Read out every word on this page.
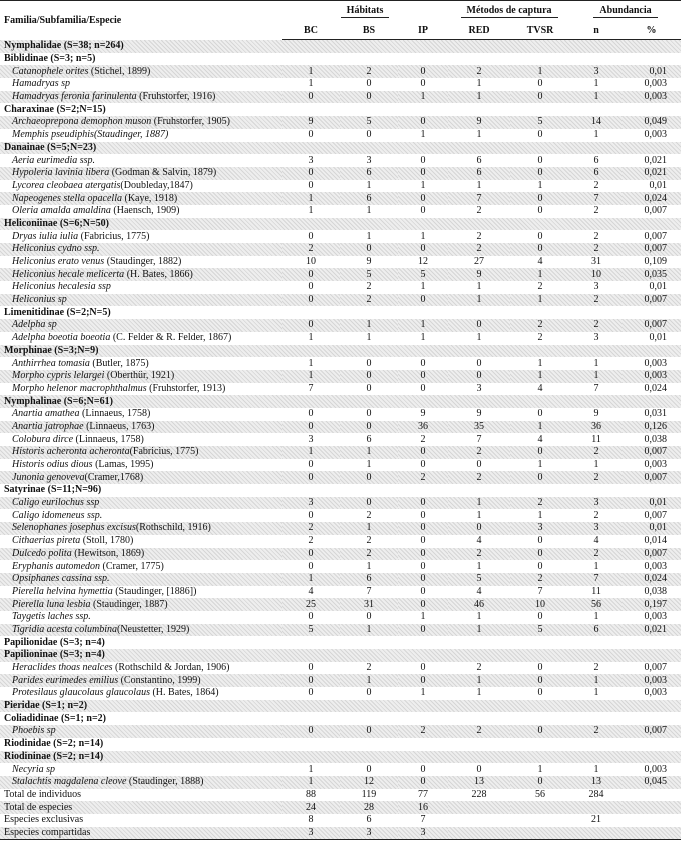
Familia/Subfamilia/Especie	Hábitats			Métodos de captura		Abundancia	
	BC	BS	IP	RED	TVSR	n	%
Nymphalidae (S=38; n=264)							
Biblidinae (S=3; n=5)							
Catanophele orites (Stichel, 1899)	1	2	0	2	1	3	0,01
Hamadryas sp	1	0	0	1	0	1	0,003
Hamadryas feronia farinulenta (Fruhstorfer, 1916)	0	0	1	1	0	1	0,003
Charaxinae (S=2;N=15)							
Archaeoprepona demophon muson (Fruhstorfer, 1905)	9	5	0	9	5	14	0,049
Memphis pseudiphis(Staudinger, 1887)	0	0	1	1	0	1	0,003
Danainae (S=5;N=23)							
Aeria eurimedia ssp.	3	3	0	6	0	6	0,021
Hypoleria lavinia libera (Godman & Salvin, 1879)	0	6	0	6	0	6	0,021
Lycorea cleobaea atergatis(Doubleday,1847)	0	1	1	1	1	2	0,01
Napeogenes stella opacella (Kaye, 1918)	1	6	0	7	0	7	0,024
Oleria amalda amaldina (Haensch, 1909)	1	1	0	2	0	2	0,007
Heliconiinae (S=6;N=50)							
Dryas iulia iulia (Fabricius, 1775)	0	1	1	2	0	2	0,007
Heliconius cydno ssp.	2	0	0	2	0	2	0,007
Heliconius erato venus (Staudinger, 1882)	10	9	12	27	4	31	0,109
Heliconius hecale melicerta (H. Bates, 1866)	0	5	5	9	1	10	0,035
Heliconius hecalesia ssp	0	2	1	1	2	3	0,01
Heliconius sp	0	2	0	1	1	2	0,007
Limenitidinae (S=2;N=5)							
Adelpha sp	0	1	1	0	2	2	0,007
Adelpha boeotia boeotia (C. Felder & R. Felder, 1867)	1	1	1	1	2	3	0,01
Morphinae (S=3;N=9)							
Anthirrhea tomasia (Butler, 1875)	1	0	0	0	1	1	0,003
Morpho cypris lelargei (Oberthür, 1921)	1	0	0	0	1	1	0,003
Morpho helenor macrophthalmus (Fruhstorfer, 1913)	7	0	0	3	4	7	0,024
Nymphalinae (S=6;N=61)							
Anartia amathea (Linnaeus, 1758)	0	0	9	9	0	9	0,031
Anartia jatrophae (Linnaeus, 1763)	0	0	36	35	1	36	0,126
Colobura dirce (Linnaeus, 1758)	3	6	2	7	4	11	0,038
Historis acheronta acheronta(Fabricius, 1775)	1	1	0	2	0	2	0,007
Historis odius dious (Lamas, 1995)	0	1	0	0	1	1	0,003
Junonia genoveva(Cramer,1768)	0	0	2	2	0	2	0,007
Satyrinae (S=11;N=96)							
Caligo eurilochus ssp	3	0	0	1	2	3	0,01
Caligo idomeneus ssp.	0	2	0	1	1	2	0,007
Selenophanes josephus excisus(Rothschild, 1916)	2	1	0	0	3	3	0,01
Cithaerias pireta (Stoll, 1780)	2	2	0	4	0	4	0,014
Dulcedo polita (Hewitson, 1869)	0	2	0	2	0	2	0,007
Eryphanis automedon (Cramer, 1775)	0	1	0	1	0	1	0,003
Opsiphanes cassina ssp.	1	6	0	5	2	7	0,024
Pierella helvina hymettia (Staudinger, [1886])	4	7	0	4	7	11	0,038
Pierella luna lesbia (Staudinger, 1887)	25	31	0	46	10	56	0,197
Taygetis laches ssp.	0	0	1	1	0	1	0,003
Tigridia acesta columbina(Neustetter, 1929)	5	1	0	1	5	6	0,021
Papilionidae (S=3; n=4)							
Papilioninae (S=3; n=4)							
Heraclides thoas nealces (Rothschild & Jordan, 1906)	0	2	0	2	0	2	0,007
Parides eurimedes emilius (Constantino, 1999)	0	1	0	1	0	1	0,003
Protesilaus glaucolaus glaucolaus (H. Bates, 1864)	0	0	1	1	0	1	0,003
Pieridae (S=1; n=2)							
Coliadidinae (S=1; n=2)							
Phoebis sp	0	0	2	2	0	2	0,007
Riodinidae (S=2; n=14)							
Riodininae (S=2; n=14)							
Necyria sp	1	0	0	0	1	1	0,003
Stalachtis magdalena cleove (Staudinger, 1888)	1	12	0	13	0	13	0,045
Total de individuos	88	119	77	228	56	284	
Total de especies	24	28	16				
Especies exclusivas	8	6	7			21	
Especies compartidas	3	3	3				
